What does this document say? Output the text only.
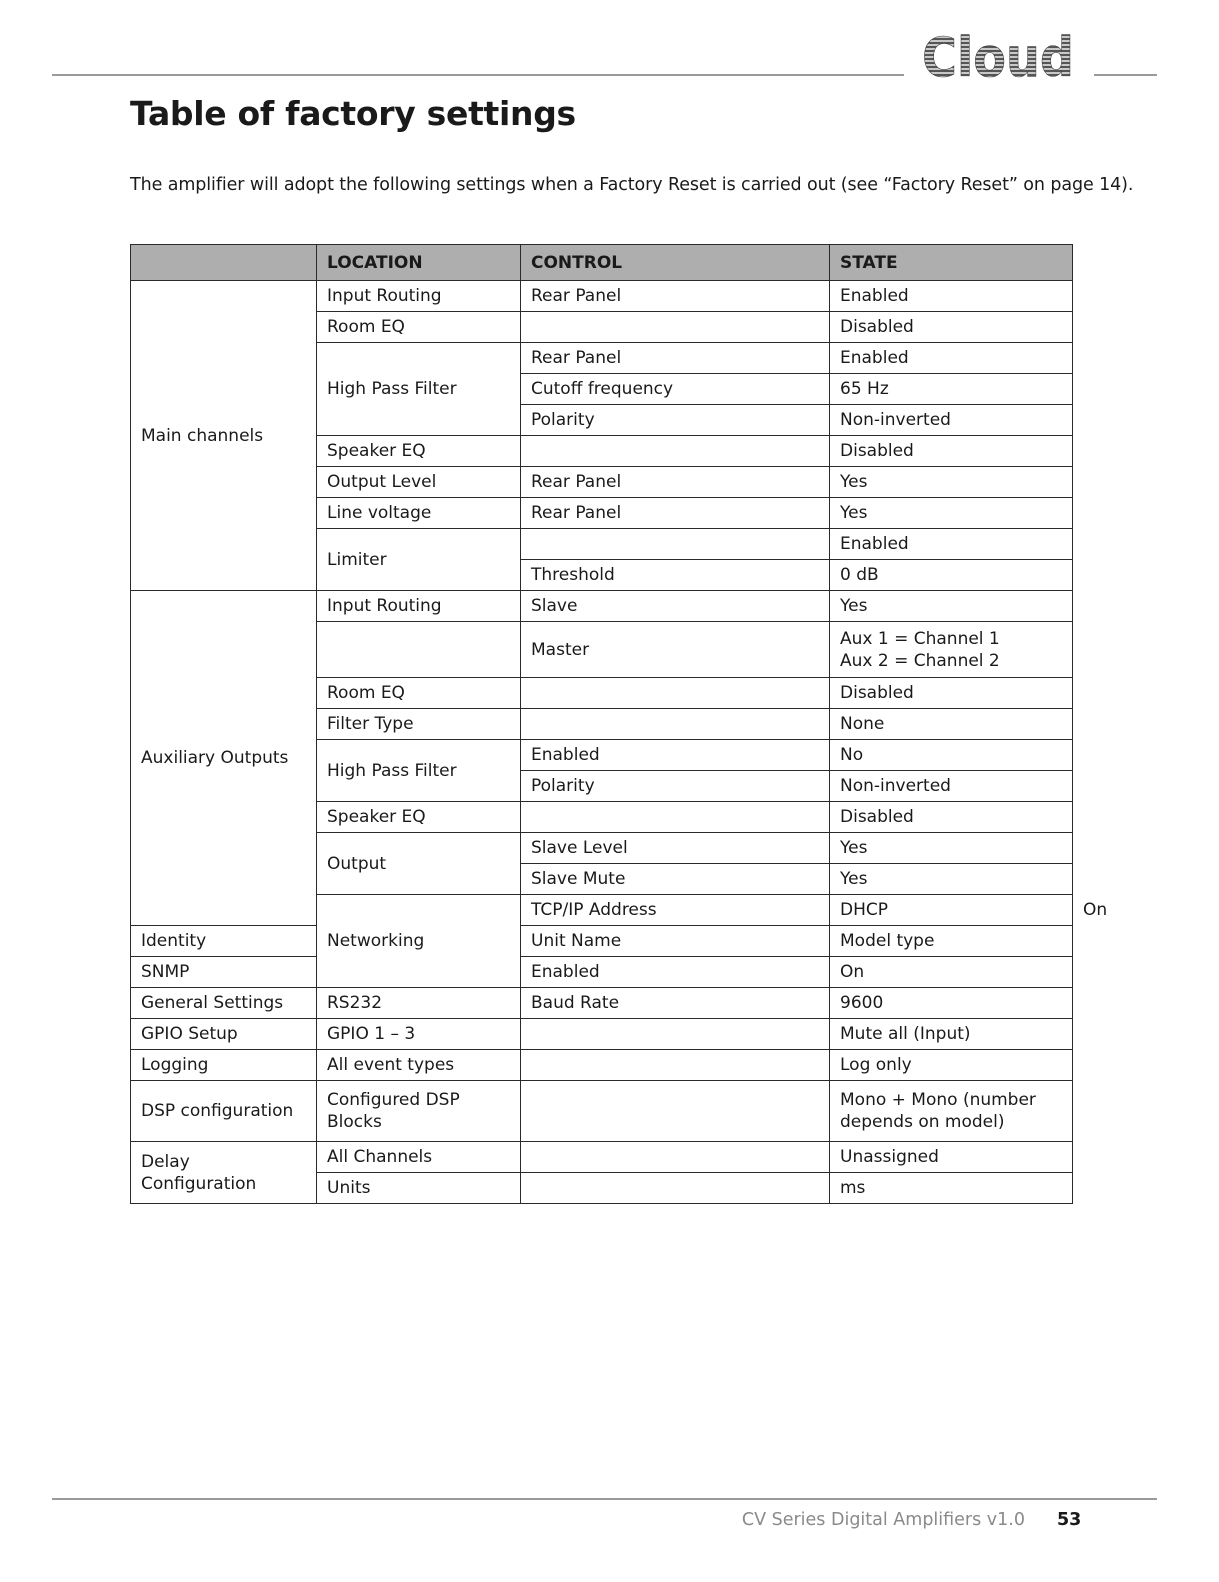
Cloud
Table of factory settings

The amplifier will adopt the following settings when a Factory Reset is carried out (see “Factory Reset” on page 14).

	LOCATION	CONTROL	STATE	
Main channels	Input Routing	Rear Panel	Enabled	
	Room EQ		Disabled	
	High Pass Filter	Rear Panel	Enabled	
		Cutoff frequency	65 Hz	
		Polarity	Non-inverted	
	Speaker EQ		Disabled	
	Output Level	Rear Panel	Yes	
	Line voltage	Rear Panel	Yes	
	Limiter		Enabled	
		Threshold	0 dB	
Auxiliary Outputs	Input Routing	Slave	Yes	
		Master	Aux 1 = Channel 1
Aux 2 = Channel 2	

	Room EQ		Disabled	
	Filter Type		None	
	High Pass Filter	Enabled	No	
		Polarity	Non-inverted	
	Speaker EQ		Disabled	
	Output	Slave Level	Yes	
		Slave Mute	Yes	
	Networking	TCP/IP Address	DHCP	On
Identity		Unit Name	Model type	
SNMP		Enabled	On	
General Settings	RS232	Baud Rate	9600	
GPIO Setup	GPIO 1 – 3		Mute all (Input)	
Logging	All event types		Log only	
DSP configuration	Configured DSP Blocks		Mono + Mono (number
depends on model)	

Delay Configuration	All Channels		Unassigned	
	Units		ms	
CV Series Digital Amplifiers v1.0 53
